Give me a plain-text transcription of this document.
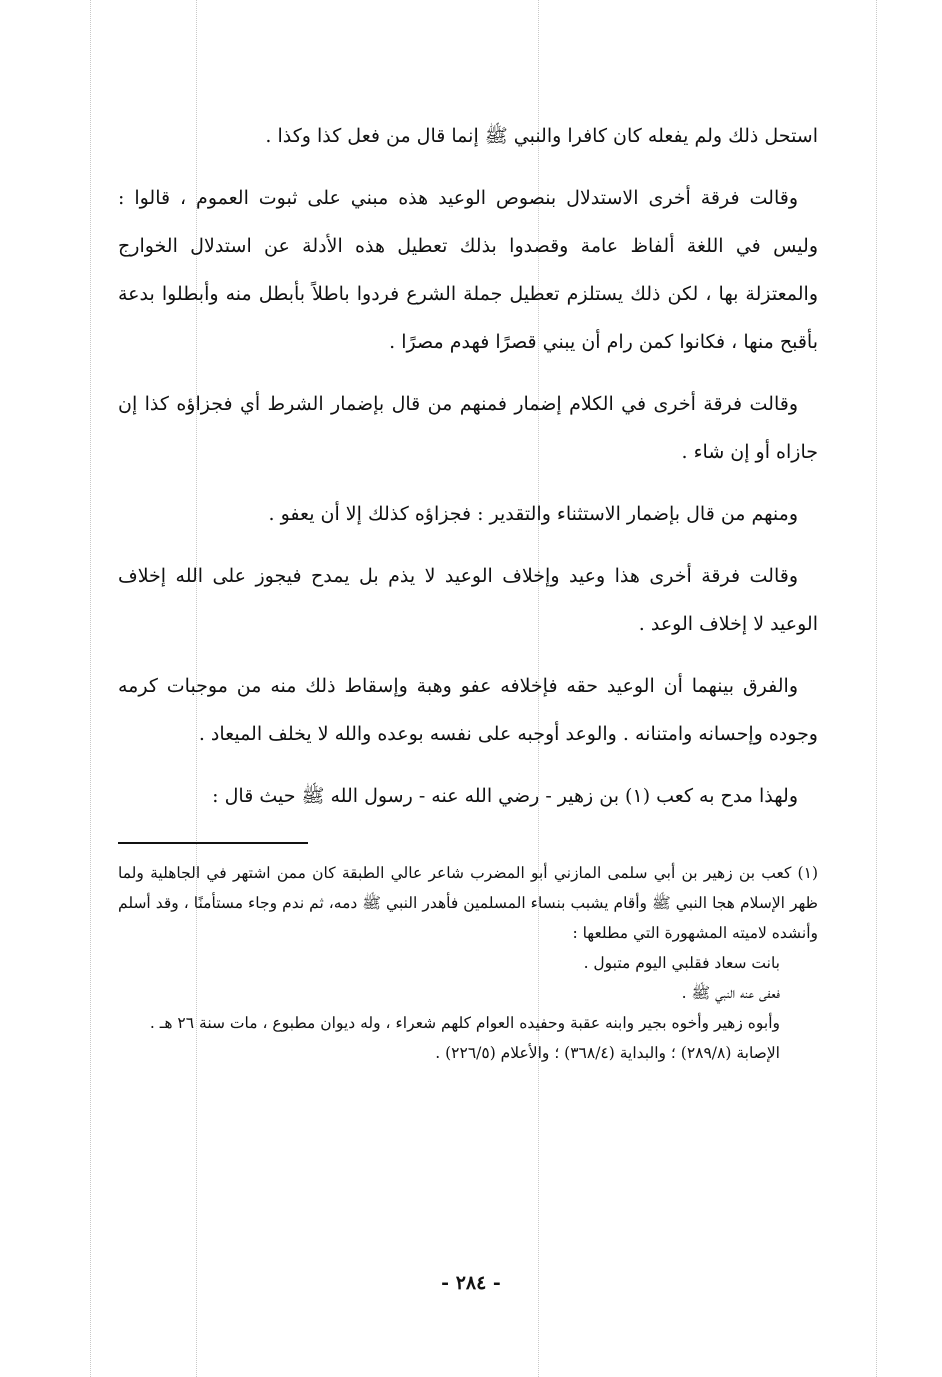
استحل ذلك ولم يفعله كان كافرا والنبي ﷺ إنما قال من فعل كذا وكذا .

وقالت فرقة أخرى الاستدلال بنصوص الوعيد هذه مبني على ثبوت العموم ، قالوا : وليس في اللغة ألفاظ عامة وقصدوا بذلك تعطيل هذه الأدلة عن استدلال الخوارج والمعتزلة بها ، لكن ذلك يستلزم تعطيل جملة الشرع فردوا باطلاً بأبطل منه وأبطلوا بدعة بأقبح منها ، فكانوا كمن رام أن يبني قصرًا فهدم مصرًا .

وقالت فرقة أخرى في الكلام إضمار فمنهم من قال بإضمار الشرط أي فجزاؤه كذا إن جازاه أو إن شاء .

ومنهم من قال بإضمار الاستثناء والتقدير : فجزاؤه كذلك إلا أن يعفو .

وقالت فرقة أخرى هذا وعيد وإخلاف الوعيد لا يذم بل يمدح فيجوز على الله إخلاف الوعيد لا إخلاف الوعد .

والفرق بينهما أن الوعيد حقه فإخلافه عفو وهبة وإسقاط ذلك منه من موجبات كرمه وجوده وإحسانه وامتنانه . والوعد أوجبه على نفسه بوعده والله لا يخلف الميعاد .

ولهذا مدح به كعب (١) بن زهير - رضي الله عنه - رسول الله ﷺ حيث قال :

(١) كعب بن زهير بن أبي سلمى المازني أبو المضرب شاعر عالي الطبقة كان ممن اشتهر في الجاهلية ولما ظهر الإسلام هجا النبي ﷺ وأقام يشبب بنساء المسلمين فأهدر النبي ﷺ دمه، ثم ندم وجاء مستأمنًا ، وقد أسلم وأنشده لاميته المشهورة التي مطلعها :

بانت سعاد فقلبي اليوم متبول .

فعفى عنه النبي ﷺ .

وأبوه زهير وأخوه بجير وابنه عقبة وحفيده العوام كلهم شعراء ، وله ديوان مطبوع ، مات سنة ٢٦ هـ .

الإصابة (٢٨٩/٨) ؛ والبداية (٣٦٨/٤) ؛ والأعلام (٢٢٦/٥) .

- ٢٨٤ -
